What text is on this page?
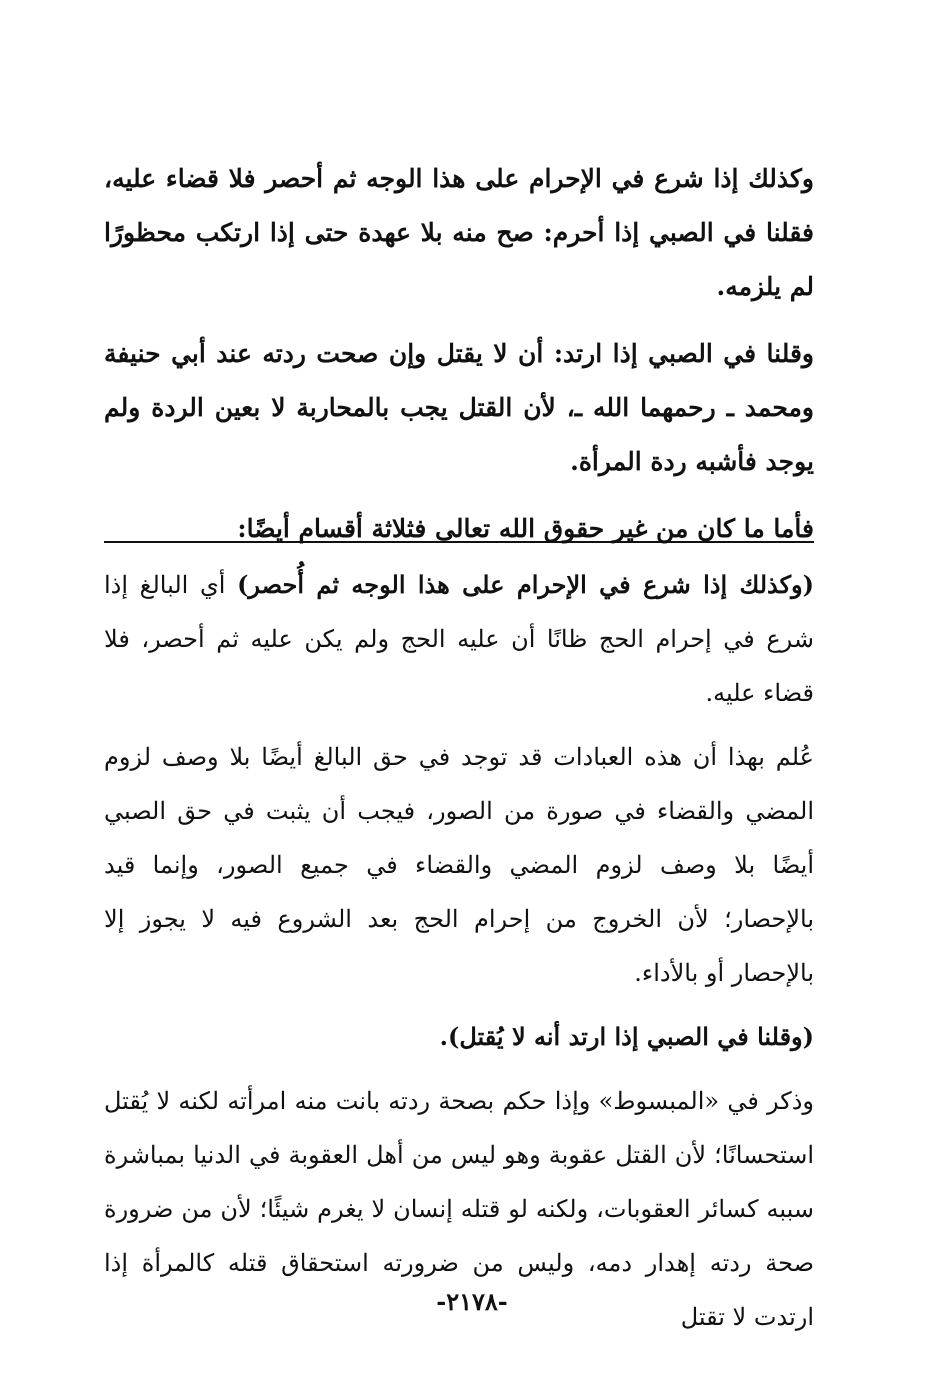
وكذلك إذا شرع في الإحرام على هذا الوجه ثم أحصر فلا قضاء عليه، فقلنا في الصبي إذا أحرم: صح منه بلا عهدة حتى إذا ارتكب محظورًا لم يلزمه.

وقلنا في الصبي إذا ارتد: أن لا يقتل وإن صحت ردته عند أبي حنيفة ومحمد ـ رحمهما الله ـ، لأن القتل يجب بالمحاربة لا بعين الردة ولم يوجد فأشبه ردة المرأة.

فأما ما كان من غير حقوق الله تعالى فثلاثة أقسام أيضًا:

(وكذلك إذا شرع في الإحرام على هذا الوجه ثم أُحصر) أي البالغ إذا شرع في إحرام الحج ظانًا أن عليه الحج ولم يكن عليه ثم أحصر، فلا قضاء عليه.

عُلم بهذا أن هذه العبادات قد توجد في حق البالغ أيضًا بلا وصف لزوم المضي والقضاء في صورة من الصور، فيجب أن يثبت في حق الصبي أيضًا بلا وصف لزوم المضي والقضاء في جميع الصور، وإنما قيد بالإحصار؛ لأن الخروج من إحرام الحج بعد الشروع فيه لا يجوز إلا بالإحصار أو بالأداء.

(وقلنا في الصبي إذا ارتد أنه لا يُقتل).

وذكر في «المبسوط» وإذا حكم بصحة ردته بانت منه امرأته لكنه لا يُقتل استحسانًا؛ لأن القتل عقوبة وهو ليس من أهل العقوبة في الدنيا بمباشرة سببه كسائر العقوبات، ولكنه لو قتله إنسان لا يغرم شيئًا؛ لأن من ضرورة صحة ردته إهدار دمه، وليس من ضرورته استحقاق قتله كالمرأة إذا ارتدت لا تقتل

-٢١٧٨-
